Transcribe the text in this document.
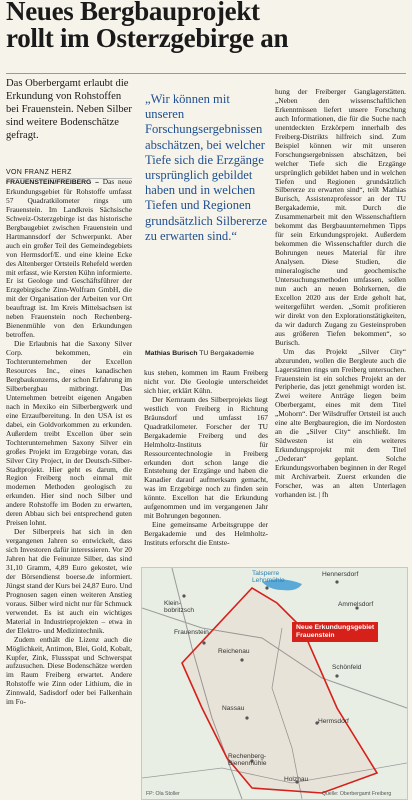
Neues Bergbauprojekt
rollt im Osterzgebirge an
Das Oberbergamt erlaubt die Erkundung von Rohstoffen bei Frauenstein. Neben Silber sind weitere Bodenschätze gefragt.
VON FRANZ HERZ

FRAUENSTEIN/FREIBERG – Das neue Erkundungsgebiet für Rohstoffe umfasst 57 Quadratkilometer rings um Frauenstein. Im Landkreis Sächsische Schweiz-Osterzgebirge ist das historische Bergbaugebiet zwischen Frauenstein und Hartmannsdorf der Schwerpunkt. Aber auch ein großer Teil des Gemeindegebiets von Hermsdorf/E. und eine kleine Ecke des Altenberger Ortsteils Rehefeld werden mit erfasst, wie Kersten Kühn informierte. Er ist Geologe und Geschäftsführer der Erzgebirgische Zinn-Wolfram GmbH, die mit der Organisation der Arbeiten vor Ort beauftragt ist. Im Kreis Mittelsachsen ist neben Frauenstein noch Rechenberg-Bienenmühle von den Erkundungen betroffen.

Die Erlaubnis hat die Saxony Silver Corp. bekommen, ein Tochterunternehmen der Excellon Resources Inc., eines kanadischen Bergbaukonzerns, der schon Erfahrung im Silberbergbau mitbringt. Das Unternehmen betreibt eigenen Angaben nach in Mexiko ein Silberbergwerk und eine Erzaufbereitung. In den USA ist es dabei, ein Goldvorkommen zu erkunden. Außerdem treibt Excellon über sein Tochterunternehmen Saxony Silver ein großes Projekt im Erzgebirge voran, das Silver City Project, in der Deutsch-Silber-Stadtprojekt. Hier geht es darum, die Region Freiberg noch einmal mit modernen Methoden geologisch zu erkunden. Hier sind noch Silber und andere Rohstoffe im Boden zu erwarten, deren Abbau sich bei entsprechend guten Preisen lohnt.

Der Silberpreis hat sich in den vergangenen Jahren so entwickelt, dass sich Investoren dafür interessieren. Vor 20 Jahren hat die Feinunze Silber, das sind 31,10 Gramm, 4,89 Euro gekostet, wie der Börsendienst boerse.de informiert. Jüngst stand der Kurs bei 24,87 Euro. Und Prognosen sagen einen weiteren Anstieg voraus. Silber wird nicht nur für Schmuck verwendet. Es ist auch ein wichtiges Material in Industrieprojekten – etwa in der Elektro- und Medizintechnik.

Zudem enthält die Lizenz auch die Möglichkeit, Antimon, Blei, Gold, Kobalt, Kupfer, Zink, Flussspat und Schwerspat aufzusuchen. Diese Bodenschätze werden im Raum Freiberg erwartet. Andere Rohstoffe wie Zinn oder Lithium, die in Zinnwald, Sadisdorf oder bei Falkenhain im Fo-

„Wir können mit unseren Forschungsergebnissen abschätzen, bei welcher Tiefe sich die Erzgänge ursprünglich gebildet haben und in welchen Tiefen und Regionen grundsätzlich Silbererze zu erwarten sind.“
Mathias Burisch TU Bergakademie

kus stehen, kommen im Raum Freiberg nicht vor. Die Geologie unterscheidet sich hier, erklärt Kühn.

Der Kernraum des Silberprojekts liegt westlich von Freiberg in Richtung Bräunsdorf und umfasst 167 Quadratkilometer. Forscher der TU Bergakademie Freiberg und des Helmholtz-Instituts für Ressourcentechnologie in Freiberg erkunden dort schon lange die Entstehung der Erzgänge und haben die Kanadier darauf aufmerksam gemacht, was im Erzgebirge noch zu finden sein könnte. Excellon hat die Erkundung aufgenommen und im vergangenen Jahr mit Bohrungen begonnen.

Eine gemeinsame Arbeitsgruppe der Bergakademie und des Helmholtz-Instituts erforscht die Entste-

hung der Freiberger Ganglagerstätten. „Neben den wissenschaftlichen Erkenntnissen liefert unsere Forschung auch Informationen, die für die Suche nach unentdeckten Erzkörpern innerhalb des Freiberg-Distrikts hilfreich sind. Zum Beispiel können wir mit unseren Forschungsergebnissen abschätzen, bei welcher Tiefe sich die Erzgänge ursprünglich gebildet haben und in welchen Tiefen und Regionen grundsätzlich Silbererze zu erwarten sind“, teilt Mathias Burisch, Assistenzprofessor an der TU Bergakademie, mit. Durch die Zusammenarbeit mit den Wissenschaftlern bekommt das Bergbauunternehmen Tipps für sein Erkundungsprojekt. Außerdem bekommen die Wissenschaftler durch die Bohrungen neues Material für ihre Analysen. Diese Studien, die mineralogische und geochemische Untersuchungsmethoden umfassen, sollen nun auch an neuen Bohrkernen, die Excellon 2020 aus der Erde geholt hat, weitergeführt werden. „Somit profitieren wir direkt von den Explorationstätigkeiten, da wir dadurch Zugang zu Gesteinsproben aus größeren Tiefen bekommen“, so Burisch.

Um das Projekt „Silver City“ abzurunden, wollen die Bergleute auch die Lagerstätten rings um Freiberg untersuchen. Frauenstein ist ein solches Projekt an der Peripherie, das jetzt genehmigt worden ist. Zwei weitere Anträge liegen beim Oberbergamt, eines mit dem Titel „Mohorn“. Der Wilsdruffer Ortsteil ist auch eine alte Bergbauregion, die im Nordosten an die „Silver City“ anschließt. Im Südwesten ist ein weiteres Erkundungsprojekt mit dem Titel „Oederan“ geplant. Solche Erkundungsvorhaben beginnen in der Regel mit Archivarbeit. Zuerst erkunden die Forscher, was an alten Unterlagen vorhanden ist. | fh

Klein-
bobritzsch
Talsperre
Lehnmühle
Hennersdorf
Ammelsdorf
Frauenstein
Reichenau
Schönfeld
Nassau
Hermsdorf
Rechenberg-
Bienenmühle
Holzhau
Neue Erkundungsgebiet
Frauenstein
FP: Ola Stoller	Quelle: Oberbergamt Freiberg
